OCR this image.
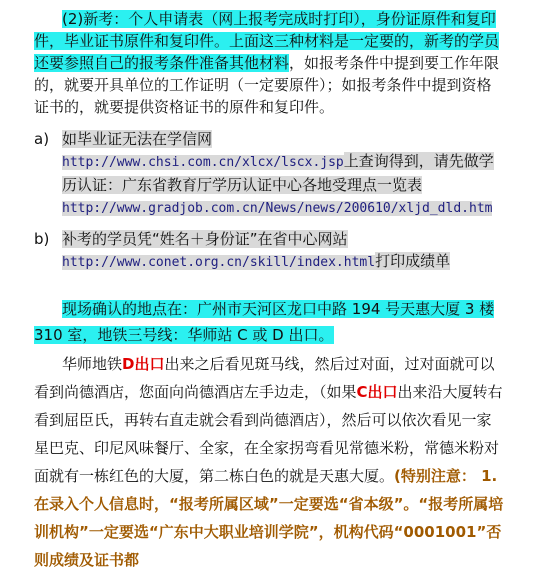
(2)新考：个人申请表（网上报考完成时打印），身份证原件和复印件，毕业证书原件和复印件。上面这三种材料是一定要的，新考的学员还要参照自己的报考条件准备其他材料，如报考条件中提到要工作年限的，就要开具单位的工作证明（一定要原件）；如报考条件中提到资格证书的，就要提供资格证书的原件和复印件。
a) 如毕业证无法在学信网
http://www.chsi.com.cn/xlcx/lscx.jsp上查询得到，请先做学历认证：广东省教育厅学历认证中心各地受理点一览表
http://www.gradjob.com.cn/News/news/200610/xljd_dld.htm
b) 补考的学员凭“姓名＋身份证”在省中心网站
http://www.conet.org.cn/skill/index.html打印成绩单
现场确认的地点在：广州市天河区龙口中路 194 号天惠大厦 3 楼 310 室，地铁三号线：华师站 C 或 D 出口。
华师地铁D出口出来之后看见斑马线，然后过对面，过对面就可以看到尚德酒店，您面向尚德酒店左手边走，（如果C出口出来沿大厦转右看到屈臣氏，再转右直走就会看到尚德酒店），然后可以依次看见一家星巴克、印尼风味餐厅、全家，在全家拐弯看见常德米粉，常德米粉对面就有一栋红色的大厦，第二栋白色的就是天惠大厦。(特别注意： 1.在录入个人信息时，“报考所属区域”一定要选“省本级”。“报考所属培训机构”一定要选“广东中大职业培训学院”，机构代码“0001001”否则成绩及证书都
